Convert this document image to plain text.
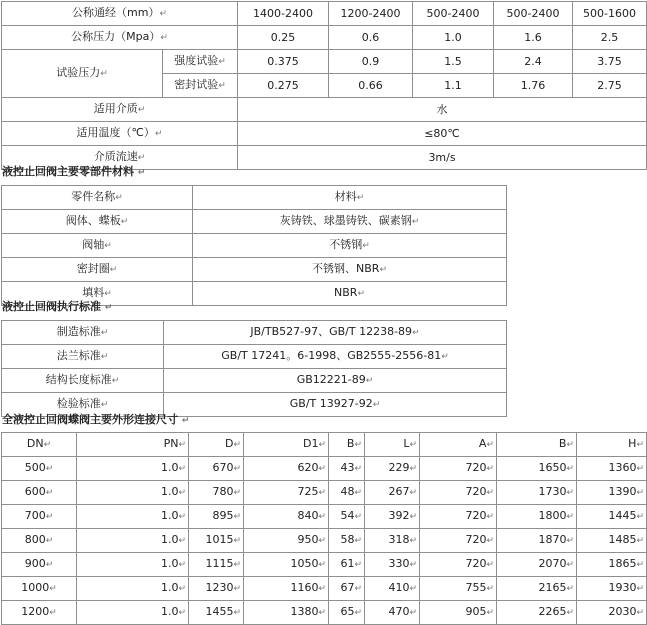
公称通经（mm）↵		1400-2400	1200-2400	500-2400	500-2400	500-1600
公称压力（Mpa）↵		0.25	0.6	1.0	1.6	2.5
试验压力↵	强度试验↵	0.375	0.9	1.5	2.4	3.75
	密封试验↵	0.275	0.66	1.1	1.76	2.75
适用介质↵		水				
适用温度（℃）↵		≤80℃				
介质流速↵		3m/s				
液控止回阀主要零部件材料 ↵
零件名称↵	材料↵
阀体、蝶板↵	灰铸铁、球墨铸铁、碳素钢↵
阀轴↵	不锈钢↵
密封圈↵	不锈钢、NBR↵
填料↵	NBR↵
液控止回阀执行标准 ↵
制造标准↵	JB/TB527-97、GB/T 12238-89↵
法兰标准↵	GB/T 17241。6-1998、GB2555-2556-81↵
结构长度标准↵	GB12221-89↵
检验标准↵	GB/T 13927-92↵
全液控止回阀蝶阀主要外形连接尺寸 ↵
DN↵	PN↵	D↵	D1↵	B↵	L↵	A↵	B↵	H↵
500↵	1.0↵	670↵	620↵	43↵	229↵	720↵	1650↵	1360↵
600↵	1.0↵	780↵	725↵	48↵	267↵	720↵	1730↵	1390↵
700↵	1.0↵	895↵	840↵	54↵	392↵	720↵	1800↵	1445↵
800↵	1.0↵	1015↵	950↵	58↵	318↵	720↵	1870↵	1485↵
900↵	1.0↵	1115↵	1050↵	61↵	330↵	720↵	2070↵	1865↵
1000↵	1.0↵	1230↵	1160↵	67↵	410↵	755↵	2165↵	1930↵
1200↵	1.0↵	1455↵	1380↵	65↵	470↵	905↵	2265↵	2030↵
